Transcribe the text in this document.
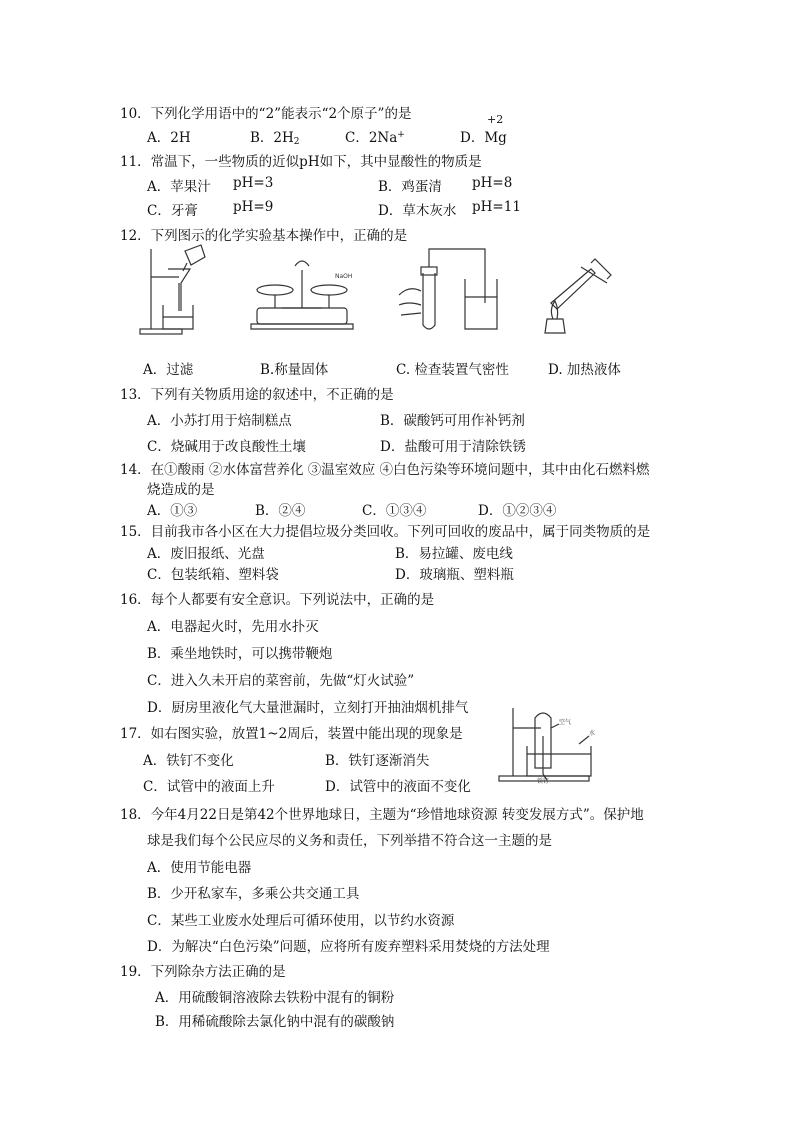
10．下列化学用语中的“2”能表示“2个原子”的是
A．2H	B．$2H_2$	C．2Na+	D．Mg
+2
11．常温下，一些物质的近似pH如下，其中显酸性的物质是
A．苹果汁 pH=3	B．鸡蛋清 pH=8
C．牙膏	pH=9	D．草木灰水 pH=11
12．下列图示的化学实验基本操作中，正确的是
NaOH
A．过滤	B.称量固体	C. 检查装置气密性	D. 加热液体
13．下列有关物质用途的叙述中，不正确的是
A．小苏打用于焙制糕点	B．碳酸钙可用作补钙剂
C．烧碱用于改良酸性土壤	D．盐酸可用于清除铁锈
14．在①酸雨 ②水体富营养化 ③温室效应 ④白色污染等环境问题中，其中由化石燃料燃
烧造成的是
A．①③	B．②④	C．①③④	D．①②③④
15．目前我市各小区在大力提倡垃圾分类回收。下列可回收的废品中，属于同类物质的是
A．废旧报纸、光盘	B．易拉罐、废电线
C．包装纸箱、塑料袋	D．玻璃瓶、塑料瓶
16．每个人都要有安全意识。下列说法中，正确的是
A．电器起火时，先用水扑灭
B．乘坐地铁时，可以携带鞭炮
C．进入久未开启的菜窖前，先做“灯火试验”
D．厨房里液化气大量泄漏时，立刻打开抽油烟机排气
17．如右图实验，放置1~2周后，装置中能出现的现象是
A．铁钉不变化	B．铁钉逐渐消失
C．试管中的液面上升	D．试管中的液面不变化
空气
水
铁钉
18．今年4月22日是第42个世界地球日，主题为“珍惜地球资源 转变发展方式”。保护地
球是我们每个公民应尽的义务和责任，下列举措不符合这一主题的是
A．使用节能电器
B．少开私家车，多乘公共交通工具
C．某些工业废水处理后可循环使用，以节约水资源
D．为解决“白色污染”问题，应将所有废弃塑料采用焚烧的方法处理
19．下列除杂方法正确的是
A．用硫酸铜溶液除去铁粉中混有的铜粉
B．用稀硫酸除去氯化钠中混有的碳酸钠
